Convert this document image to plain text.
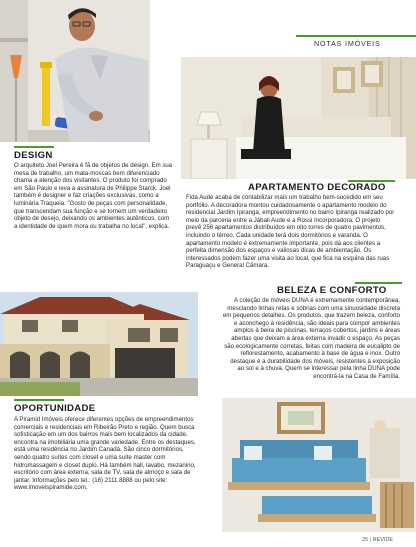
NOTAS IMÓVEIS
DESIGN
O arquiteto Joel Pereira é fã de objetos de design. Em sua mesa de trabalho, um mata-moscas bem diferenciado chama a atenção dos visitantes. O produto foi comprado em São Paulo e leva a assinatura de Philippe Starck. Joel também é designer e faz criações exclusivas, como a luminária Traqueia. "Gosto de peças com personalidade, que transcendam sua função e se tornem um verdadeiro objeto de desejo, deixando os ambientes autênticos, com a identidade de quem mora ou trabalha no local", explica.
APARTAMENTO DECORADO
Fida Aude acaba de contabilizar mais um trabalho bem-sucedido em seu portfólio. A decoradora montou cuidadosamente o apartamento modelo do residencial Jardim Ipiranga, empreendimento no bairro Ipiranga realizado por meio da parceria entre a Jábali Aude e a Rossi Incorporadora. O projeto prevê 256 apartamentos distribuídos em oito torres de quatro pavimentos, incluindo o térreo. Cada unidade terá dois dormitórios e varanda. O apartamento modelo é extremamente importante, pois dá aos clientes a perfeita dimensão dos espaços e valiosas dicas de ambientação. Os interessados podem fazer uma visita ao local, que fica na esquina das ruas Paraguaçu e General Câmara.
BELEZA E CONFORTO
A coleção de móveis DUNA é extremamente contemporânea, mesclando linhas retas e sóbrias com uma sinuosidade discreta em pequenos detalhes. Os produtos, que trazem beleza, conforto e aconchego à residência, são ideais para compor ambientes amplos à beira de piscinas, terraços cobertos, jardins e áreas abertas que deixam a área externa invadir o espaço. As peças são ecologicamente corretas, feitas com madeira de eucalipto de reflorestamento, acabamento à base de água e inox. Outro destaque é a durabilidade dos móveis, resistentes à exposição ao sol e à chuva. Quem se interessar pela linha DUNA pode encontrá-la na Casa de Família.
OPORTUNIDADE
A Piramid Imóveis oferece diferentes opções de empreendimentos comerciais e residenciais em Ribeirão Preto e região. Quem busca sofisticação em um dos bairros mais bem localizados da cidade, encontra na imobiliária uma grande variedade. Entre os destaques, está uma residência no Jardim Canadá. São cinco dormitórios, sendo quatro suítes com closet e uma suíte master com hidromassagem e closet duplo. Há também hall, lavabo, mezanino, escritório com área externa, sala de TV, sala de almoço e sala de jantar. Informações pelo tel.: (16) 2111.8888 ou pelo site: www.imoveispiramide.com.
25 | REVIDE
